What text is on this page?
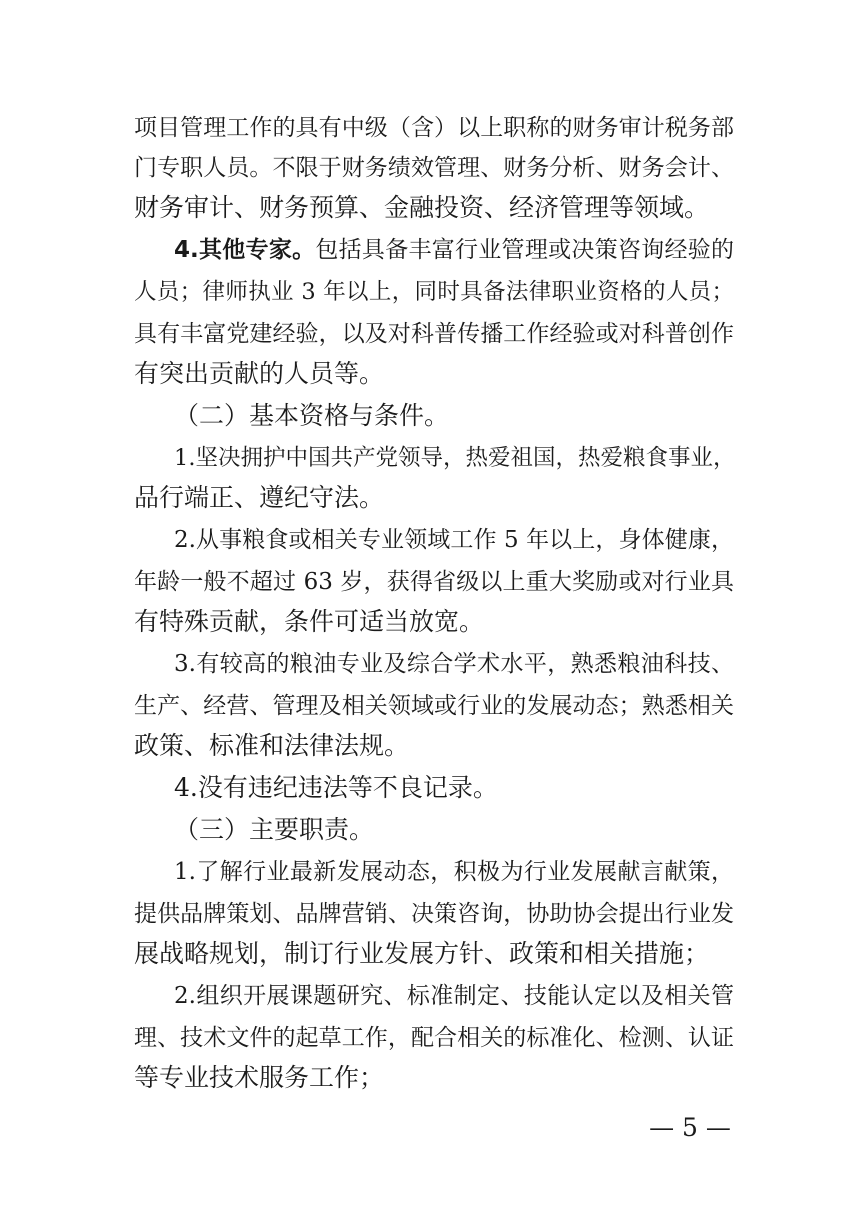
项目管理工作的具有中级（含）以上职称的财务审计税务部
门专职人员。不限于财务绩效管理、财务分析、财务会计、
财务审计、财务预算、金融投资、经济管理等领域。
4.其他专家。包括具备丰富行业管理或决策咨询经验的
人员；律师执业 3 年以上，同时具备法律职业资格的人员；
具有丰富党建经验，以及对科普传播工作经验或对科普创作
有突出贡献的人员等。
（二）基本资格与条件。
1.坚决拥护中国共产党领导，热爱祖国，热爱粮食事业，
品行端正、遵纪守法。
2.从事粮食或相关专业领域工作 5 年以上，身体健康，
年龄一般不超过 63 岁，获得省级以上重大奖励或对行业具
有特殊贡献，条件可适当放宽。
3.有较高的粮油专业及综合学术水平，熟悉粮油科技、
生产、经营、管理及相关领域或行业的发展动态；熟悉相关
政策、标准和法律法规。
4.没有违纪违法等不良记录。
（三）主要职责。
1.了解行业最新发展动态，积极为行业发展献言献策，
提供品牌策划、品牌营销、决策咨询，协助协会提出行业发
展战略规划，制订行业发展方针、政策和相关措施；
2.组织开展课题研究、标准制定、技能认定以及相关管
理、技术文件的起草工作，配合相关的标准化、检测、认证
等专业技术服务工作；
— 5 —
